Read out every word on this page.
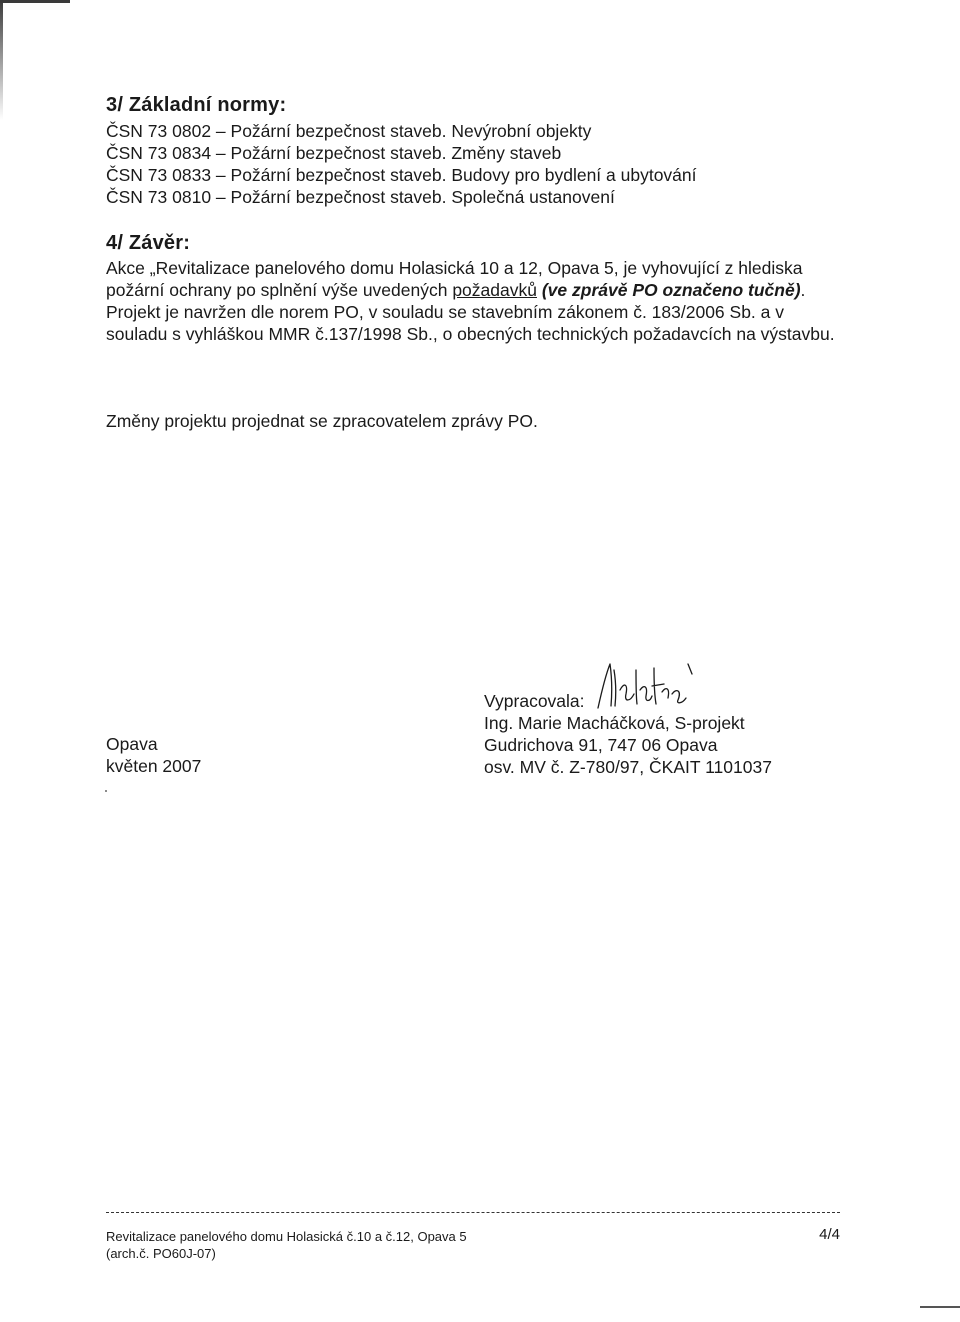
3/ Základní normy:
ČSN 73 0802 – Požární bezpečnost staveb. Nevýrobní objekty
ČSN 73 0834 – Požární bezpečnost staveb. Změny staveb
ČSN 73 0833 – Požární bezpečnost staveb. Budovy pro bydlení a ubytování
ČSN 73 0810 – Požární bezpečnost staveb. Společná ustanovení
4/ Závěr:

Akce „Revitalizace panelového domu Holasická 10 a 12, Opava 5, je vyhovující z hlediska požární ochrany po splnění výše uvedených požadavků (ve zprávě PO označeno tučně).

Projekt je navržen dle norem PO, v souladu se stavebním zákonem č. 183/2006 Sb. a v souladu s vyhláškou MMR č.137/1998 Sb., o obecných technických požadavcích na výstavbu.

Změny projektu projednat se zpracovatelem zprávy PO.

Opava
květen 2007
Vypracovala:
Ing. Marie Macháčková, S-projekt
Gudrichova 91, 747 06 Opava
osv. MV č. Z-780/97, ČKAIT 1101037
Revitalizace panelového domu Holasická č.10 a č.12, Opava 5
(arch.č. PO60J-07)
4/4
